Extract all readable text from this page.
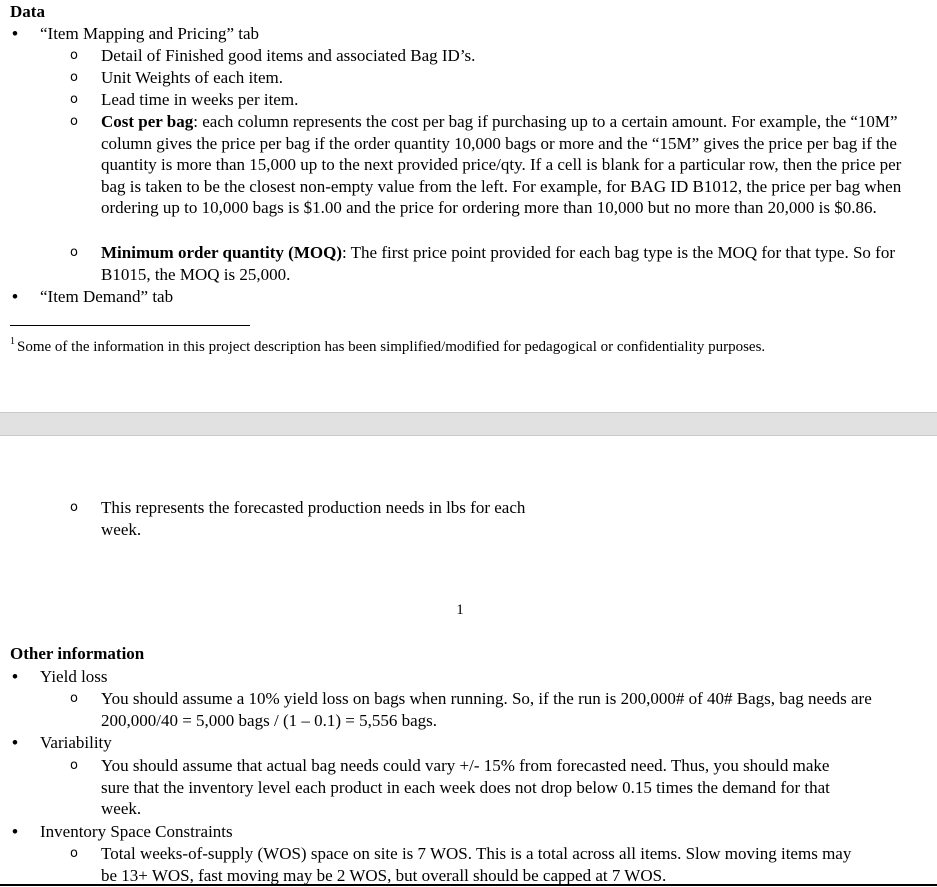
Data
• “Item Mapping and Pricing” tab
o Detail of Finished good items and associated Bag ID’s.
o Unit Weights of each item.
o Lead time in weeks per item.
o Cost per bag: each column represents the cost per bag if purchasing up to a certain amount. For example, the “10M” column gives the price per bag if the order quantity 10,000 bags or more and the “15M” gives the price per bag if the quantity is more than 15,000 up to the next provided price/qty. If a cell is blank for a particular row, then the price per bag is taken to be the closest non-empty value from the left. For example, for BAG ID B1012, the price per bag when ordering up to 10,000 bags is $1.00 and the price for ordering more than 10,000 but no more than 20,000 is $0.86.
o Minimum order quantity (MOQ): The first price point provided for each bag type is the MOQ for that type. So for B1015, the MOQ is 25,000.
• “Item Demand” tab
$^1$ Some of the information in this project description has been simplified/modified for pedagogical or confidentiality purposes.
o This represents the forecasted production needs in lbs for each week.
1
Other information
• Yield loss
o You should assume a 10% yield loss on bags when running. So, if the run is 200,000# of 40# Bags, bag needs are 200,000/40 = 5,000 bags / (1 – 0.1) = 5,556 bags.
• Variability
o You should assume that actual bag needs could vary +/- 15% from forecasted need. Thus, you should make sure that the inventory level each product in each week does not drop below 0.15 times the demand for that week.
• Inventory Space Constraints
o Total weeks-of-supply (WOS) space on site is 7 WOS. This is a total across all items. Slow moving items may be 13+ WOS, fast moving may be 2 WOS, but overall should be capped at 7 WOS.
